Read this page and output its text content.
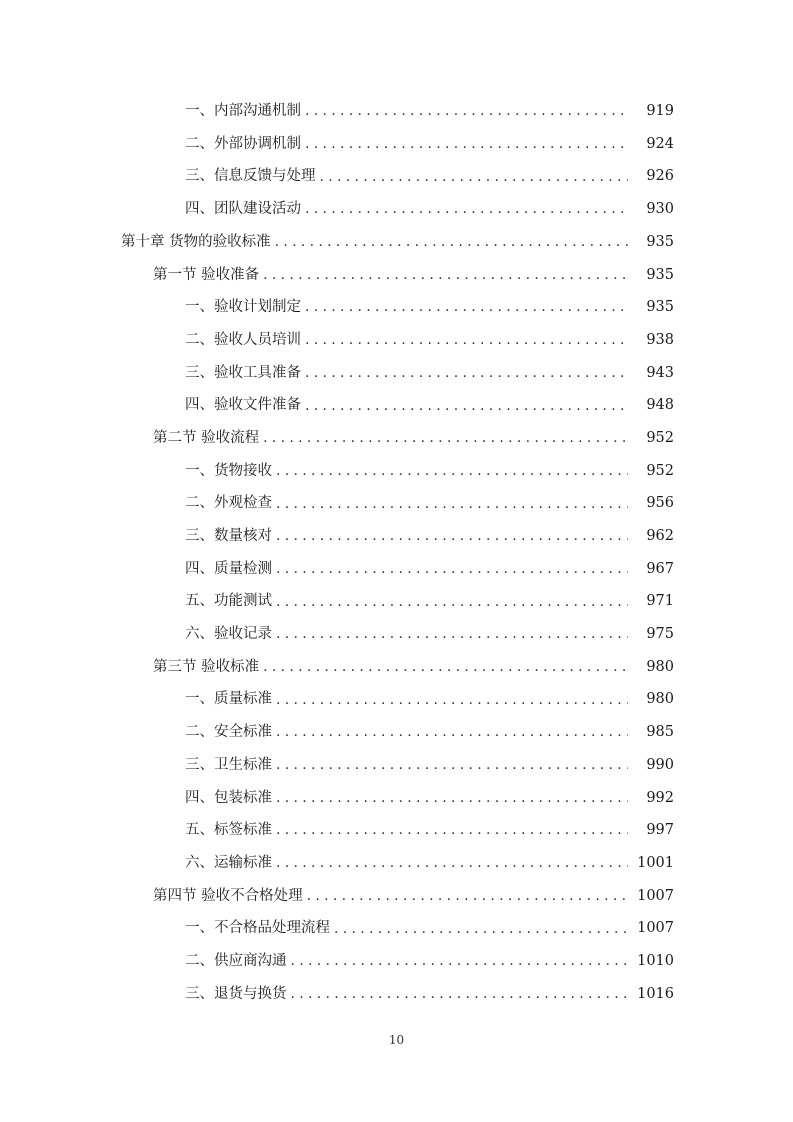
一、内部沟通机制 .....	919
二、外部协调机制 .....	924
三、信息反馈与处理 .....	926
四、团队建设活动 .....	930
第十章 货物的验收标准 .....	935
第一节 验收准备 .....	935
一、验收计划制定 .....	935
二、验收人员培训 .....	938
三、验收工具准备 .....	943
四、验收文件准备 .....	948
第二节 验收流程 .....	952
一、货物接收 .....	952
二、外观检查 .....	956
三、数量核对 .....	962
四、质量检测 .....	967
五、功能测试 .....	971
六、验收记录 .....	975
第三节 验收标准 .....	980
一、质量标准 .....	980
二、安全标准 .....	985
三、卫生标准 .....	990
四、包装标准 .....	992
五、标签标准 .....	997
六、运输标准 .....	1001
第四节 验收不合格处理 .....	1007
一、不合格品处理流程 .....	1007
二、供应商沟通 .....	1010
三、退货与换货 .....	1016
10
